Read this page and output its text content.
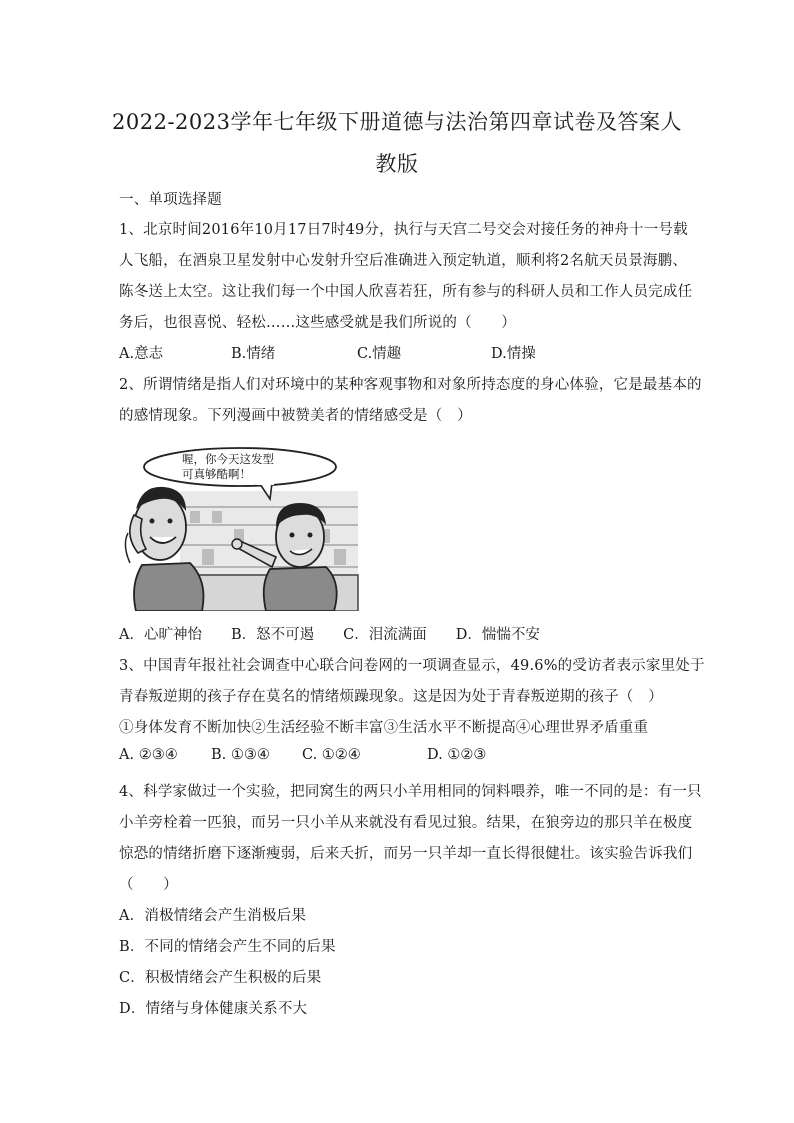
2022-2023学年七年级下册道德与法治第四章试卷及答案人
教版
一、单项选择题
1、北京时间2016年10月17日7时49分，执行与天宫二号交会对接任务的神舟十一号载
人飞船，在酒泉卫星发射中心发射升空后准确进入预定轨道，顺利将2名航天员景海鹏、
陈冬送上太空。这让我们每一个中国人欣喜若狂，所有参与的科研人员和工作人员完成任
务后，也很喜悦、轻松……这些感受就是我们所说的（　　）
A.意志	B.情绪	C.情趣	D.情操
2、所谓情绪是指人们对环境中的某种客观事物和对象所持态度的身心体验，它是最基本的
的感情现象。下列漫画中被赞美者的情绪感受是（　）
喔，你今天这发型
可真够酷啊！
A．心旷神怡　　B．怒不可遏　　C．泪流满面　　D．惴惴不安
3、中国青年报社社会调查中心联合问卷网的一项调查显示，49.6%的受访者表示家里处于
青春叛逆期的孩子存在莫名的情绪烦躁现象。这是因为处于青春叛逆期的孩子（　）
①身体发育不断加快②生活经验不断丰富③生活水平不断提高④心理世界矛盾重重
A. ②③④ B. ①③④ C. ①②④	D. ①②③
4、科学家做过一个实验，把同窝生的两只小羊用相同的饲料喂养，唯一不同的是：有一只
小羊旁栓着一匹狼，而另一只小羊从来就没有看见过狼。结果，在狼旁边的那只羊在极度
惊恐的情绪折磨下逐渐瘦弱，后来夭折，而另一只羊却一直长得很健壮。该实验告诉我们
（　　）
A．消极情绪会产生消极后果
B．不同的情绪会产生不同的后果
C．积极情绪会产生积极的后果
D．情绪与身体健康关系不大
